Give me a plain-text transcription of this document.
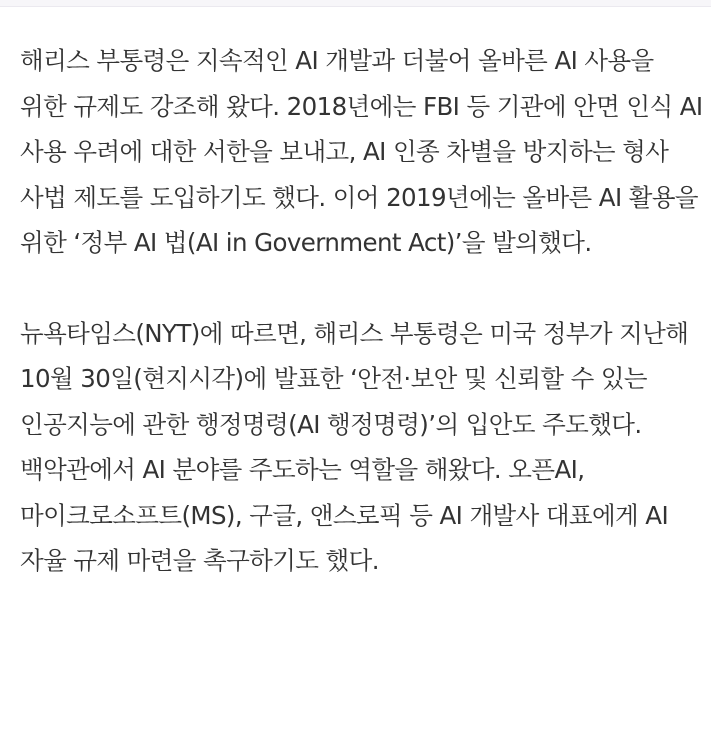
해리스 부통령은 지속적인 AI 개발과 더불어 올바른 AI 사용을 위한 규제도 강조해 왔다. 2018년에는 FBI 등 기관에 안면 인식 AI 사용 우려에 대한 서한을 보내고, AI 인종 차별을 방지하는 형사 사법 제도를 도입하기도 했다. 이어 2019년에는 올바른 AI 활용을 위한 ‘정부 AI 법(AI in Government Act)’을 발의했다.

뉴욕타임스(NYT)에 따르면, 해리스 부통령은 미국 정부가 지난해 10월 30일(현지시각)에 발표한 ‘안전·보안 및 신뢰할 수 있는 인공지능에 관한 행정명령(AI 행정명령)’의 입안도 주도했다. 백악관에서 AI 분야를 주도하는 역할을 해왔다. 오픈AI, 마이크로소프트(MS), 구글, 앤스로픽 등 AI 개발사 대표에게 AI 자율 규제 마련을 촉구하기도 했다.
